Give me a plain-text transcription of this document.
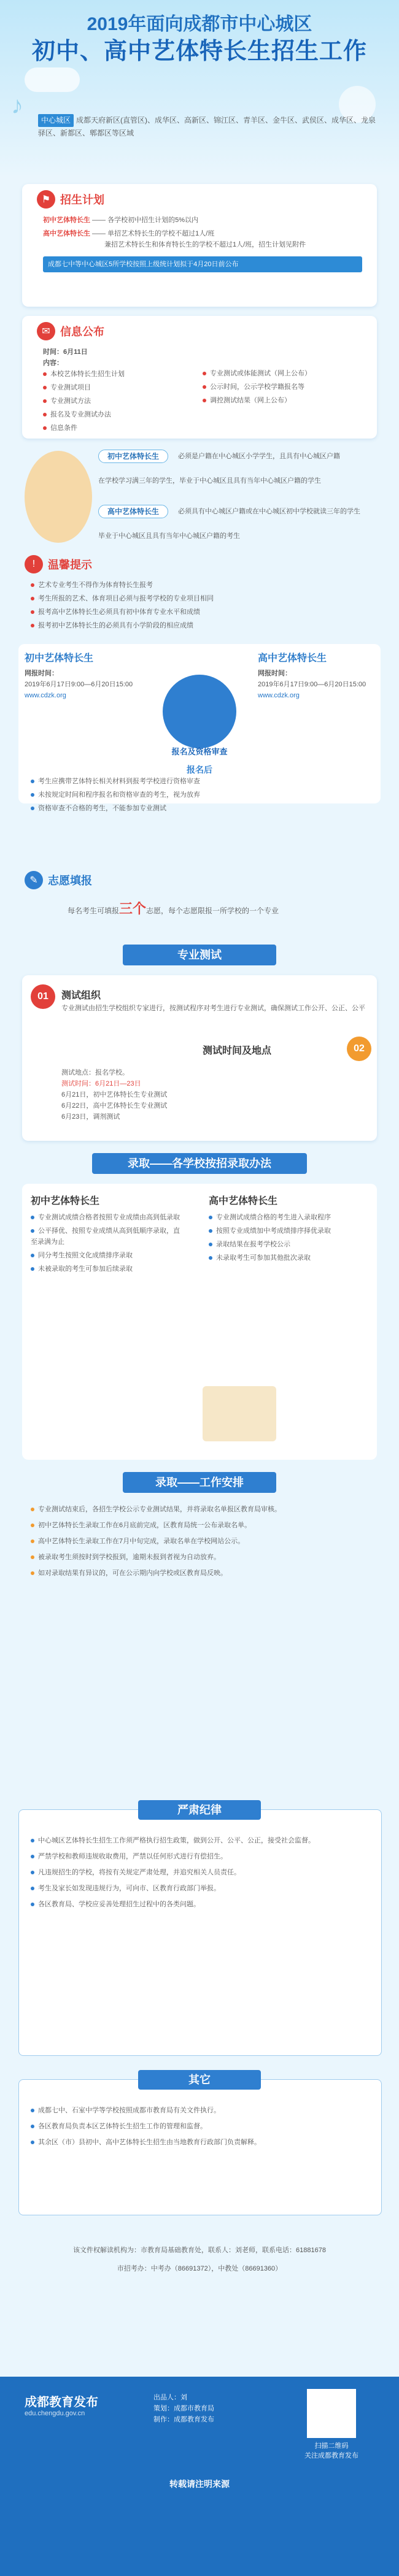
2019年面向成都市中心城区
初中、高中艺体特长生招生工作
♪
中心城区 成都天府新区(直管区)、成华区、高新区、锦江区、青羊区、金牛区、武侯区、成华区、龙泉驿区、新都区、郫都区等区域
⚑ 招生计划
初中艺体特长生 —— 各学校初中招生计划的5%以内
高中艺体特长生 —— 单招艺术特长生的学校不超过1人/班
兼招艺术特长生和体育特长生的学校不超过1人/班，招生计划见附件
成都七中等中心城区5所学校按照上级统计划拟于4月20日前公布
✉ 信息公布
时间：6月11日
内容：
本校艺体特长生招生计划
专业测试项目
专业测试方法
报名及专业测试办法
信息条件
专业测试或体能测试（网上公布）
公示时间，公示学校学籍报名等
调控测试结果（网上公布）
初中艺体特长生	必须是户籍在中心城区小学学生，且具有中心城区户籍
在学校学习满三年的学生，毕业于中心城区且具有当年中心城区户籍的学生
高中艺体特长生	必须具有中心城区户籍或在中心城区初中学校就读三年的学生
毕业于中心城区且具有当年中心城区户籍的考生
!	温馨提示
艺术专业考生不得作为体育特长生报考
考生所报的艺术、体育项目必须与报考学校的专业项目相同
报考高中艺体特长生必须具有初中体育专业水平和成绩
报考初中艺体特长生的必须具有小学阶段的相应成绩
初中艺体特长生
网报时间：
2019年6月17日9:00—6月20日15:00
www.cdzk.org
高中艺体特长生
网报时间：
2019年6月17日9:00—6月20日15:00
www.cdzk.org
报名及资格审查
报名后
考生应携带艺体特长相关材料到报考学校进行资格审查
未按规定时间和程序报名和资格审查的考生，视为放弃
资格审查不合格的考生，不能参加专业测试
✎ 志愿填报
每名考生可填报三个志愿，每个志愿限报一所学校的一个专业
专业测试
01	测试组织
专业测试由招生学校组织专家进行，按测试程序对考生进行专业测试，确保测试工作公开、公正、公平
02
测试时间及地点
测试地点：报名学校。
测试时间：6月21日—23日
6月21日，初中艺体特长生专业测试
6月22日，高中艺体特长生专业测试
6月23日，调剂测试
录取——各学校按招录取办法
初中艺体特长生
专业测试成绩合格者按照专业成绩由高到低录取
公平择优、按照专业成绩从高到低顺序录取，直至录满为止
同分考生按照文化成绩排序录取
未被录取的考生可参加后续录取
高中艺体特长生
专业测试成绩合格的考生进入录取程序
按照专业成绩加中考成绩排序择优录取
录取结果在报考学校公示
未录取考生可参加其他批次录取
录取——工作安排
专业测试结束后，各招生学校公示专业测试结果，并将录取名单报区教育局审核。
初中艺体特长生录取工作在6月底前完成，区教育局统一公布录取名单。
高中艺体特长生录取工作在7月中旬完成，录取名单在学校网站公示。
被录取考生须按时到学校报到，逾期未报到者视为自动放弃。
如对录取结果有异议的，可在公示期内向学校或区教育局反映。
严肃纪律
中心城区艺体特长生招生工作须严格执行招生政策，做到公开、公平、公正，接受社会监督。
严禁学校和教师违规收取费用，严禁以任何形式进行有偿招生。
凡违规招生的学校，将按有关规定严肃处理，并追究相关人员责任。
考生及家长如发现违规行为，可向市、区教育行政部门举报。
各区教育局、学校应妥善处理招生过程中的各类问题。
其它
成都七中、石室中学等学校按照成都市教育局有关文件执行。
各区教育局负责本区艺体特长生招生工作的管理和监督。
其余区（市）县初中、高中艺体特长生招生由当地教育行政部门负责解释。
该文件权解读机构为：市教育局基础教育处，联系人：刘老师，联系电话：61881678
市招考办：中考办（86691372），中教处（86691360）
成都教育发布
edu.chengdu.gov.cn
出品人：刘
策划：成都市教育局
制作：成都教育发布
扫描二维码
关注成都教育发布
转载请注明来源
